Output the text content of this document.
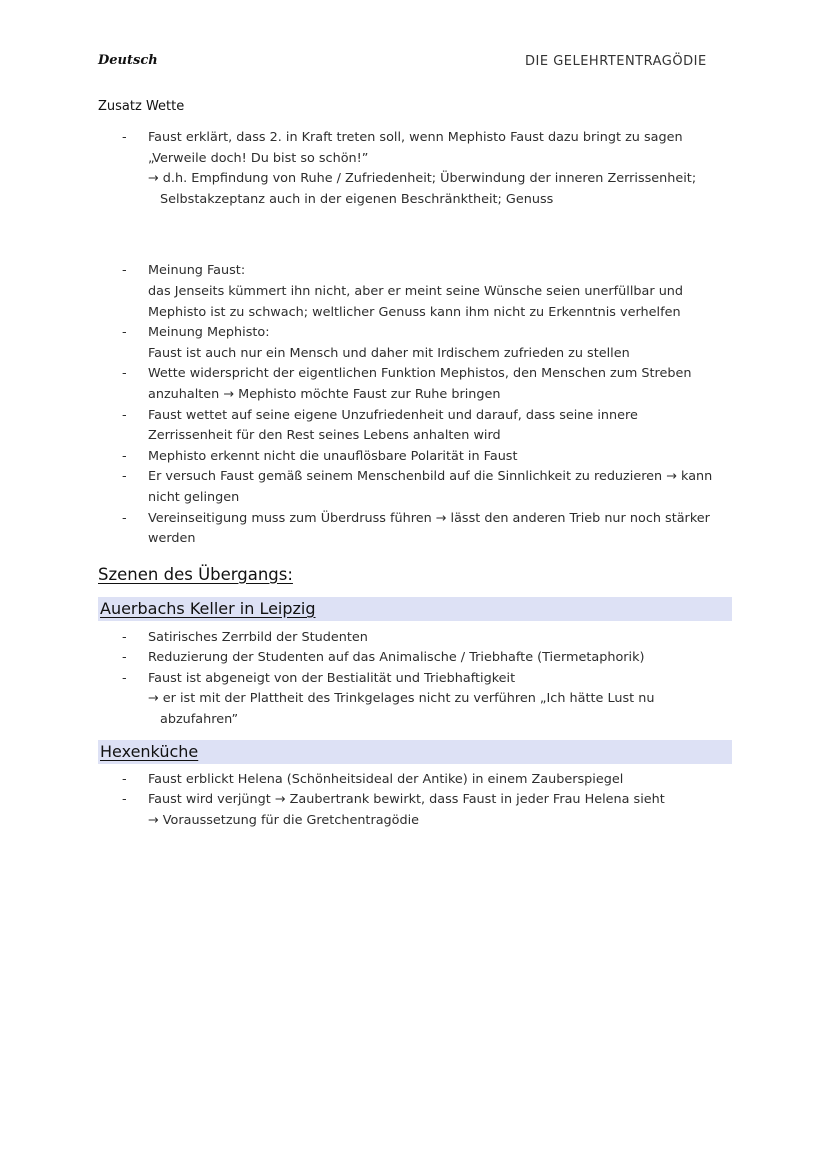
Deutsch	DIE GELEHRTENTRAGÖDIE
Zusatz Wette
- Faust erklärt, dass 2. in Kraft treten soll, wenn Mephisto Faust dazu bringt zu sagen
„Verweile doch! Du bist so schön!”
→ d.h. Empfindung von Ruhe / Zufriedenheit; Überwindung der inneren Zerrissenheit;
Selbstakzeptanz auch in der eigenen Beschränktheit; Genuss
- Meinung Faust:
das Jenseits kümmert ihn nicht, aber er meint seine Wünsche seien unerfüllbar und
Mephisto ist zu schwach; weltlicher Genuss kann ihm nicht zu Erkenntnis verhelfen
- Meinung Mephisto:
Faust ist auch nur ein Mensch und daher mit Irdischem zufrieden zu stellen
- Wette widerspricht der eigentlichen Funktion Mephistos, den Menschen zum Streben
anzuhalten → Mephisto möchte Faust zur Ruhe bringen
- Faust wettet auf seine eigene Unzufriedenheit und darauf, dass seine innere
Zerrissenheit für den Rest seines Lebens anhalten wird
- Mephisto erkennt nicht die unauflösbare Polarität in Faust
- Er versuch Faust gemäß seinem Menschenbild auf die Sinnlichkeit zu reduzieren → kann
nicht gelingen
- Vereinseitigung muss zum Überdruss führen → lässt den anderen Trieb nur noch stärker
werden
Szenen des Übergangs:
Auerbachs Keller in Leipzig
- Satirisches Zerrbild der Studenten
- Reduzierung der Studenten auf das Animalische / Triebhafte (Tiermetaphorik)
- Faust ist abgeneigt von der Bestialität und Triebhaftigkeit
→ er ist mit der Plattheit des Trinkgelages nicht zu verführen „Ich hätte Lust nu
abzufahren”
Hexenküche
- Faust erblickt Helena (Schönheitsideal der Antike) in einem Zauberspiegel
- Faust wird verjüngt → Zaubertrank bewirkt, dass Faust in jeder Frau Helena sieht
→ Voraussetzung für die Gretchentragödie
